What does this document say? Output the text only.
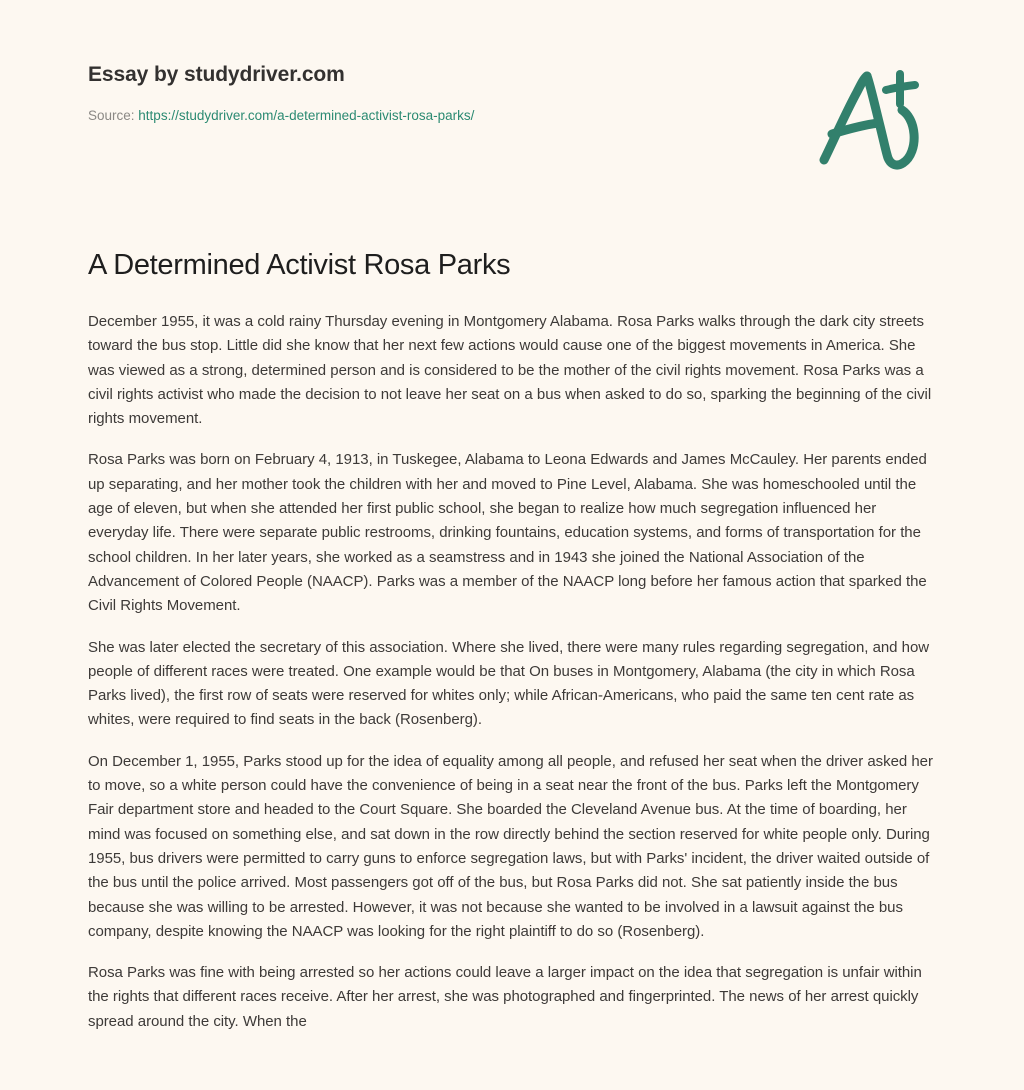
Essay by studydriver.com
Source: https://studydriver.com/a-determined-activist-rosa-parks/
A Determined Activist Rosa Parks

December 1955, it was a cold rainy Thursday evening in Montgomery Alabama. Rosa Parks walks through the dark city streets toward the bus stop. Little did she know that her next few actions would cause one of the biggest movements in America. She was viewed as a strong, determined person and is considered to be the mother of the civil rights movement. Rosa Parks was a civil rights activist who made the decision to not leave her seat on a bus when asked to do so, sparking the beginning of the civil rights movement.

Rosa Parks was born on February 4, 1913, in Tuskegee, Alabama to Leona Edwards and James McCauley. Her parents ended up separating, and her mother took the children with her and moved to Pine Level, Alabama. She was homeschooled until the age of eleven, but when she attended her first public school, she began to realize how much segregation influenced her everyday life. There were separate public restrooms, drinking fountains, education systems, and forms of transportation for the school children. In her later years, she worked as a seamstress and in 1943 she joined the National Association of the Advancement of Colored People (NAACP). Parks was a member of the NAACP long before her famous action that sparked the Civil Rights Movement.

She was later elected the secretary of this association. Where she lived, there were many rules regarding segregation, and how people of different races were treated. One example would be that On buses in Montgomery, Alabama (the city in which Rosa Parks lived), the first row of seats were reserved for whites only; while African-Americans, who paid the same ten cent rate as whites, were required to find seats in the back (Rosenberg).

On December 1, 1955, Parks stood up for the idea of equality among all people, and refused her seat when the driver asked her to move, so a white person could have the convenience of being in a seat near the front of the bus. Parks left the Montgomery Fair department store and headed to the Court Square. She boarded the Cleveland Avenue bus. At the time of boarding, her mind was focused on something else, and sat down in the row directly behind the section reserved for white people only. During 1955, bus drivers were permitted to carry guns to enforce segregation laws, but with Parks' incident, the driver waited outside of the bus until the police arrived. Most passengers got off of the bus, but Rosa Parks did not. She sat patiently inside the bus because she was willing to be arrested. However, it was not because she wanted to be involved in a lawsuit against the bus company, despite knowing the NAACP was looking for the right plaintiff to do so (Rosenberg).

Rosa Parks was fine with being arrested so her actions could leave a larger impact on the idea that segregation is unfair within the rights that different races receive. After her arrest, she was photographed and fingerprinted. The news of her arrest quickly spread around the city. When the
